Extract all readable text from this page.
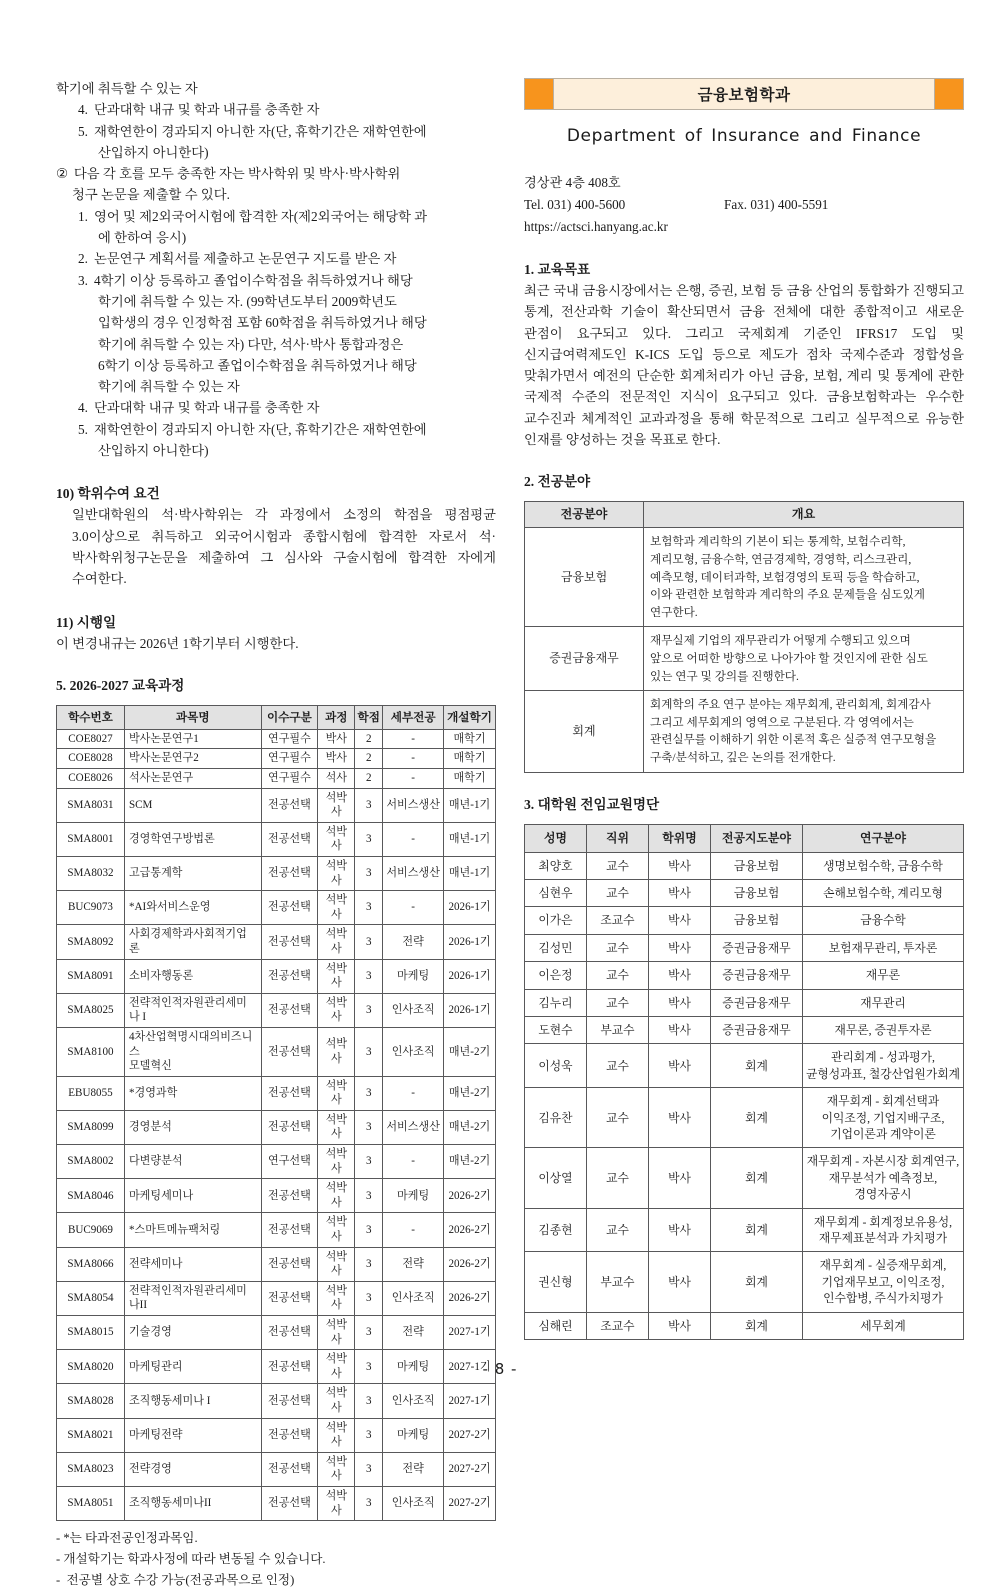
학기에 취득할 수 있는 자
4. 단과대학 내규 및 학과 내규를 충족한 자
5. 재학연한이 경과되지 아니한 자(단, 휴학기간은 재학연한에
산입하지 아니한다)
② 다음 각 호를 모두 충족한 자는 박사학위 및 박사·박사학위
청구 논문을 제출할 수 있다.
1. 영어 및 제2외국어시험에 합격한 자(제2외국어는 해당학 과
에 한하여 응시)
2. 논문연구 계획서를 제출하고 논문연구 지도를 받은 자
3. 4학기 이상 등록하고 졸업이수학점을 취득하였거나 해당
학기에 취득할 수 있는 자. (99학년도부터 2009학년도
입학생의 경우 인정학점 포함 60학점을 취득하였거나 해당
학기에 취득할 수 있는 자) 다만, 석사·박사 통합과정은
6학기 이상 등록하고 졸업이수학점을 취득하였거나 해당
학기에 취득할 수 있는 자
4. 단과대학 내규 및 학과 내규를 충족한 자
5. 재학연한이 경과되지 아니한 자(단, 휴학기간은 재학연한에
산입하지 아니한다)
10) 학위수여 요건
일반대학원의 석·박사학위는 각 과정에서 소정의 학점을 평점평균 3.0이상으로 취득하고 외국어시험과 종합시험에 합격한 자로서 석·박사학위청구논문을 제출하여 그 심사와 구술시험에 합격한 자에게 수여한다.
11) 시행일
이 변경내규는 2026년 1학기부터 시행한다.
5. 2026-2027 교육과정
학수번호	과목명	이수구분	과정	학점	세부전공	개설학기
COE8027	박사논문연구1	연구필수	박사	2	-	매학기
COE8028	박사논문연구2	연구필수	박사	2	-	매학기
COE8026	석사논문연구	연구필수	석사	2	-	매학기
SMA8031	SCM	전공선택	석박사	3	서비스생산	매년-1기
SMA8001	경영학연구방법론	전공선택	석박사	3	-	매년-1기
SMA8032	고급통계학	전공선택	석박사	3	서비스생산	매년-1기
BUC9073	*AI와서비스운영	전공선택	석박사	3	-	2026-1기
SMA8092	사회경제학과사회적기업론	전공선택	석박사	3	전략	2026-1기
SMA8091	소비자행동론	전공선택	석박사	3	마케팅	2026-1기
SMA8025	전략적인적자원관리세미나 I	전공선택	석박사	3	인사조직	2026-1기
SMA8100	4차산업혁명시대의비즈니스
모델혁신	전공선택	석박사	3	인사조직	매년-2기
EBU8055	*경영과학	전공선택	석박사	3	-	매년-2기
SMA8099	경영분석	전공선택	석박사	3	서비스생산	매년-2기
SMA8002	다변량분석	연구선택	석박사	3	-	매년-2기
SMA8046	마케팅세미나	전공선택	석박사	3	마케팅	2026-2기
BUC9069	*스마트메뉴팩처링	전공선택	석박사	3	-	2026-2기
SMA8066	전략세미나	전공선택	석박사	3	전략	2026-2기
SMA8054	전략적인적자원관리세미나II	전공선택	석박사	3	인사조직	2026-2기
SMA8015	기술경영	전공선택	석박사	3	전략	2027-1기
SMA8020	마케팅관리	전공선택	석박사	3	마케팅	2027-1기
SMA8028	조직행동세미나 I	전공선택	석박사	3	인사조직	2027-1기
SMA8021	마케팅전략	전공선택	석박사	3	마케팅	2027-2기
SMA8023	전략경영	전공선택	석박사	3	전략	2027-2기
SMA8051	조직행동세미나II	전공선택	석박사	3	인사조직	2027-2기
- *는 타과전공인정과목임.
- 개설학기는 학과사정에 따라 변동될 수 있습니다.
-  전공별 상호 수강 가능(전공과목으로 인정)
금융보험학과
Department of Insurance and Finance
경상관 4층 408호
Tel. 031) 400-5600	Fax. 031) 400-5591
https://actsci.hanyang.ac.kr
1. 교육목표
최근 국내 금융시장에서는 은행, 증권, 보험 등 금융 산업의 통합화가 진행되고 통계, 전산과학 기술이 확산되면서 금융 전체에 대한 종합적이고 새로운 관점이 요구되고 있다. 그리고 국제회계 기준인 IFRS17 도입 및 신지급여력제도인 K-ICS 도입 등으로 제도가 점차 국제수준과 정합성을 맞춰가면서 예전의 단순한 회계처리가 아닌 금융, 보험, 계리 및 통계에 관한 국제적 수준의 전문적인 지식이 요구되고 있다. 금융보험학과는 우수한 교수진과 체계적인 교과과정을 통해 학문적으로 그리고 실무적으로 유능한 인재를 양성하는 것을 목표로 한다.
2. 전공분야
전공분야	개요
금융보험	보험학과 계리학의 기본이 되는 통계학, 보험수리학,
계리모형, 금융수학, 연금경제학, 경영학, 리스크관리,
예측모형, 데이터과학, 보험경영의 토픽 등을 학습하고,
이와 관련한 보험학과 계리학의 주요 문제들을 심도있게
연구한다.
증권금융재무	재무실제 기업의 재무관리가 어떻게 수행되고 있으며
앞으로 어떠한 방향으로 나아가야 할 것인지에 관한 심도
있는 연구 및 강의를 진행한다.
회계	회계학의 주요 연구 분야는 재무회계, 관리회계, 회계감사
그리고 세무회계의 영역으로 구분된다. 각 영역에서는
관련실무를 이해하기 위한 이론적 혹은 실증적 연구모형을
구축/분석하고, 깊은 논의를 전개한다.
3. 대학원 전임교원명단
성명	직위	학위명	전공지도분야	연구분야
최양호	교수	박사	금융보험	생명보험수학, 금융수학
심현우	교수	박사	금융보험	손해보험수학, 계리모형
이가은	조교수	박사	금융보험	금융수학
김성민	교수	박사	증권금융재무	보험재무관리, 투자론
이은정	교수	박사	증권금융재무	재무론
김누리	교수	박사	증권금융재무	재무관리
도현수	부교수	박사	증권금융재무	재무론, 증권투자론
이성욱	교수	박사	회계	관리회계 - 성과평가,
균형성과표, 철강산업원가회계
김유찬	교수	박사	회계	재무회계 - 회계선택과
이익조정, 기업지배구조,
기업이론과 계약이론
이상열	교수	박사	회계	재무회계 - 자본시장 회계연구,
재무분석가 예측정보,
경영자공시
김종현	교수	박사	회계	재무회계 - 회계정보유용성,
재무제표분석과 가치평가
권신형	부교수	박사	회계	재무회계 - 실증재무회계,
기업재무보고, 이익조정,
인수합병, 주식가치평가
심해린	조교수	박사	회계	세무회계
- 8 -
